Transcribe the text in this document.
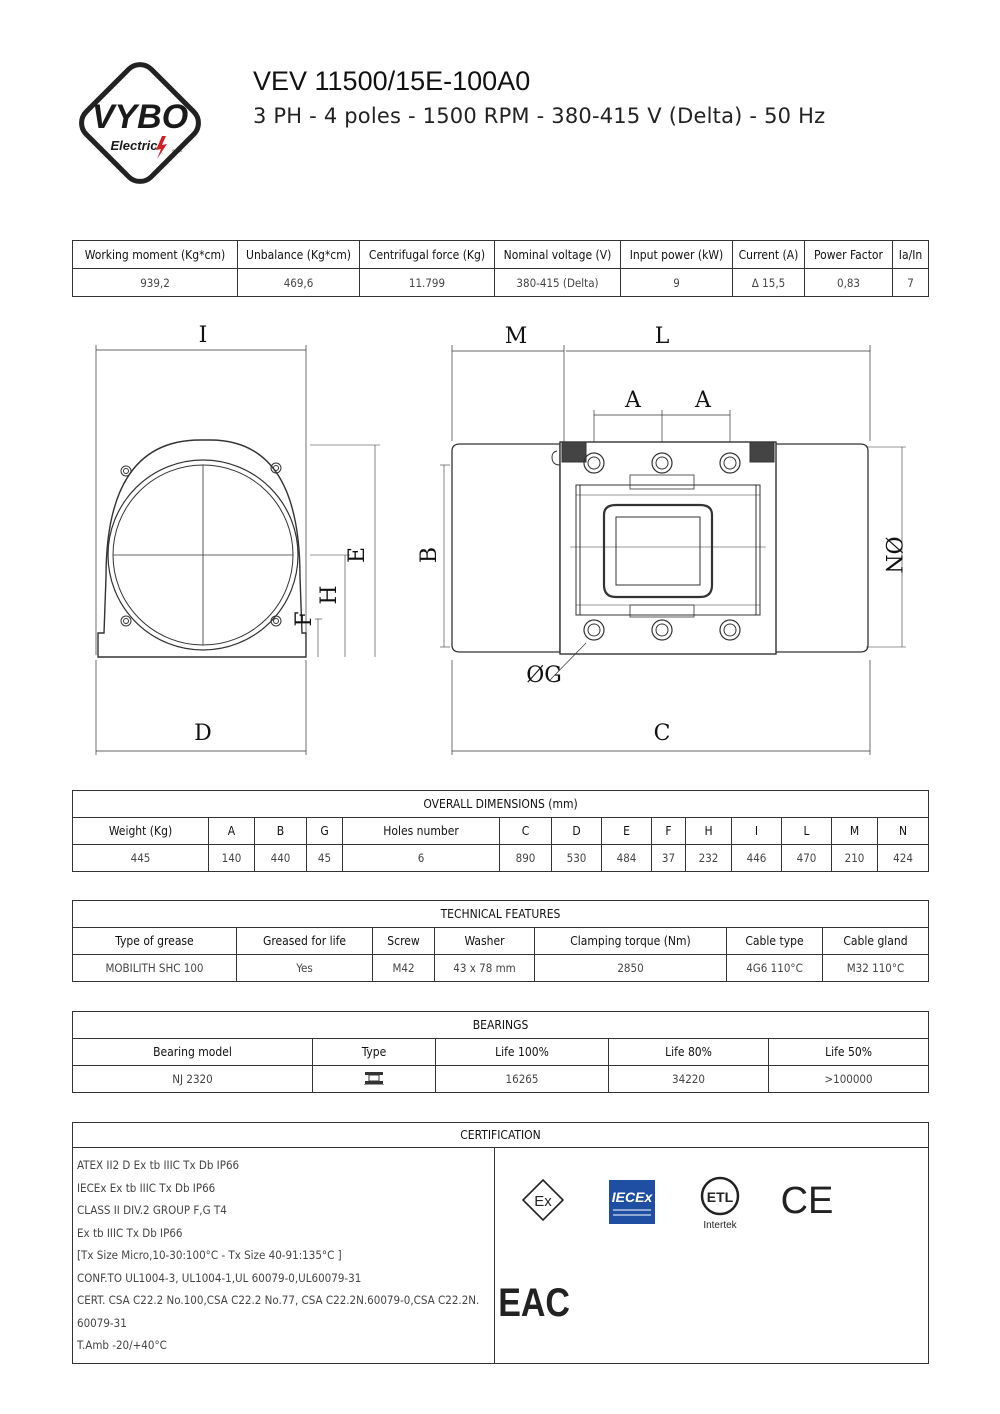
VYBO
Electric	S.p.A.
VEV 11500/15E-100A0
3 PH - 4 poles - 1500 RPM - 380-415 V (Delta) - 50 Hz
Working moment (Kg*cm)	Unbalance (Kg*cm)	Centrifugal force (Kg)	Nominal voltage (V)	Input power (kW)	Current (A)	Power Factor	Ia/In
939,2	469,6	11.799	380-415 (Delta)	9	Δ 15,5	0,83	7
I
D
E
H
F
M	L
A A
B
C
ØG
ØN
OVERALL DIMENSIONS (mm)													
Weight (Kg)	A	B	G	Holes number	C	D	E	F	H	I	L	M	N
445	140	440	45	6	890	530	484	37	232	446	470	210	424
TECHNICAL FEATURES						
Type of grease	Greased for life	Screw	Washer	Clamping torque (Nm)	Cable type	Cable gland
MOBILITH SHC 100	Yes	M42	43 x 78 mm	2850	4G6 110°C	M32 110°C
BEARINGS				
Bearing model	Type	Life 100%	Life 80%	Life 50%
NJ 2320		16265	34220	>100000
CERTIFICATION

ATEX II2 D Ex tb IIIC Tx Db IP66
IECEx Ex tb IIIC Tx Db IP66
CLASS II DIV.2 GROUP F,G T4
Ex tb IIIC Tx Db IP66
[Tx Size Micro,10-30:100°C - Tx Size 40-91:135°C ]
CONF.TO UL1004-3, UL1004-1,UL 60079-0,UL60079-31
CERT. CSA C22.2 No.100,CSA C22.2 No.77, CSA C22.2N.60079-0,CSA C22.2N.
60079-31
T.Amb -20/+40°C

Ex	IECEx	ETL
Intertek
CE
EAC
